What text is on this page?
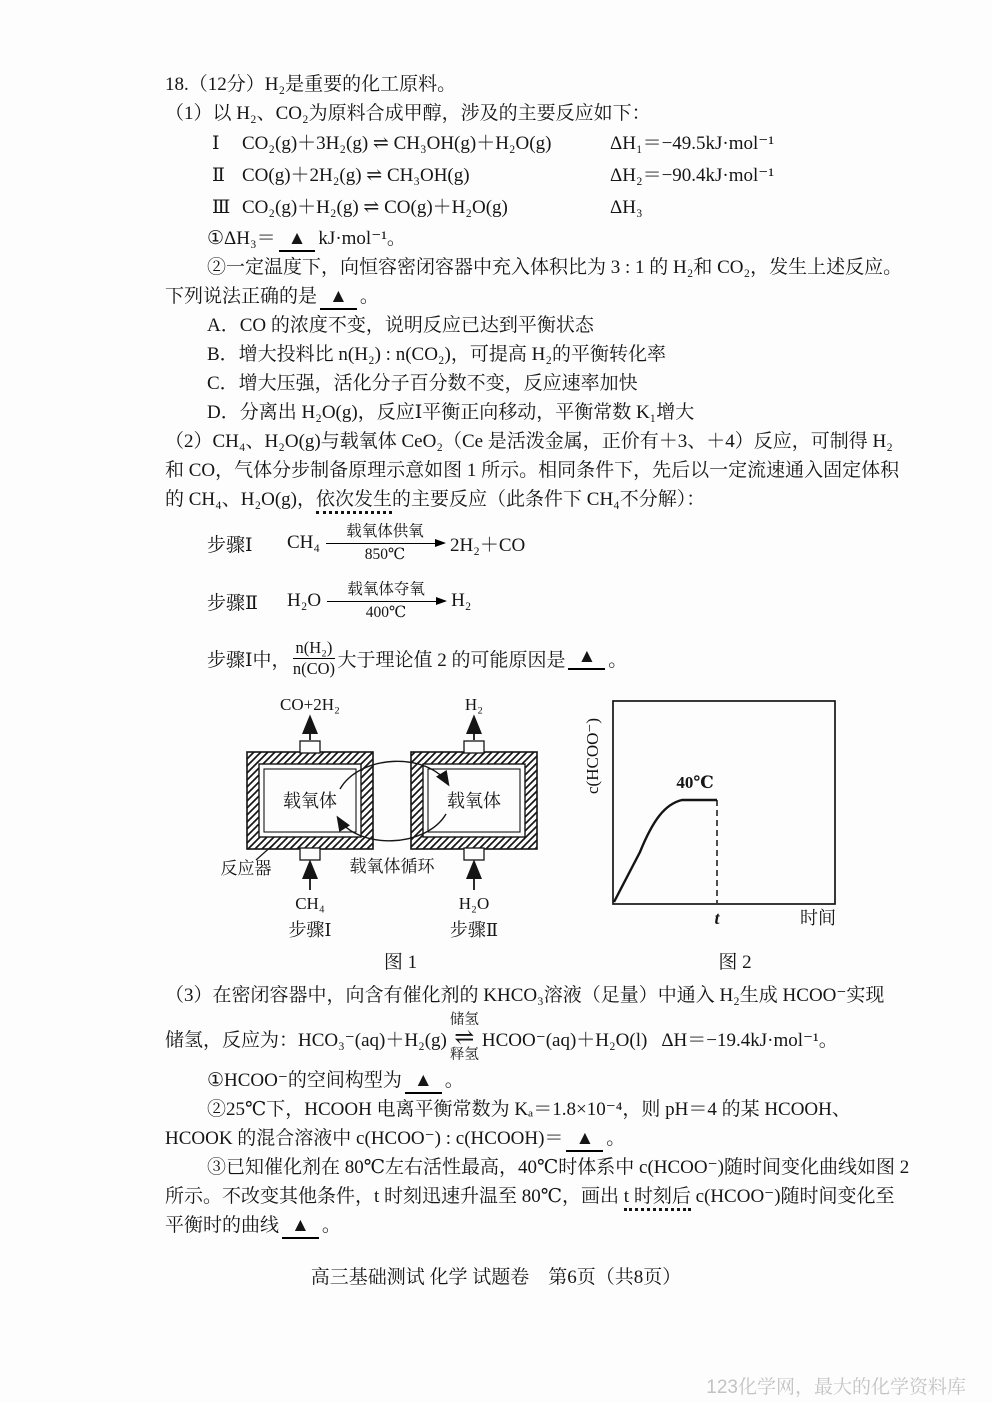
18.（12分）H₂是重要的化工原料。

（1）以 H₂、CO₂为原料合成甲醇，涉及的主要反应如下：

Ⅰ	CO₂(g)＋3H₂(g) ⇌ CH₃OH(g)＋H₂O(g)	ΔH₁＝−49.5kJ·mol⁻¹
Ⅱ CO(g)＋2H₂(g) ⇌ CH₃OH(g)	ΔH₂＝−90.4kJ·mol⁻¹
Ⅲ CO₂(g)＋H₂(g) ⇌ CO(g)＋H₂O(g)	ΔH₃

①ΔH₃＝ ▲ kJ·mol⁻¹。

②一定温度下，向恒容密闭容器中充入体积比为 3 : 1 的 H₂和 CO₂，发生上述反应。

下列说法正确的是 ▲ 。

A．CO 的浓度不变，说明反应已达到平衡状态

B．增大投料比 n(H₂) : n(CO₂)，可提高 H₂的平衡转化率

C．增大压强，活化分子百分数不变，反应速率加快

D．分离出 H₂O(g)，反应Ⅰ平衡正向移动，平衡常数 K₁增大

（2）CH₄、H₂O(g)与载氧体 CeO₂（Ce 是活泼金属，正价有＋3、＋4）反应，可制得 H₂

和 CO，气体分步制备原理示意如图 1 所示。相同条件下，先后以一定流速通入固定体积

的 CH₄、H₂O(g)，依次发生的主要反应（此条件下 CH₄不分解）：

步骤Ⅰ	CH₄
载氧体供氧
850℃ 2H₂＋CO
步骤Ⅱ	H₂O
载氧体夺氧
400℃
H₂
步骤Ⅰ中， $\frac{\text{n(H₂)}}{n(CO)}$ 大于理论值 2 的可能原因是 ▲ 。
载氧体
CO+2H₂
CH₄
步骤Ⅰ
载氧体
H₂
H₂O
步骤Ⅱ
载氧体循环
反应器
c(HCOO⁻)	40℃
t	时间
图 1	图 2

（3）在密闭容器中，向含有催化剂的 KHCO₃溶液（足量）中通入 H₂生成 HCOO⁻实现

储氢，反应为：HCO₃⁻(aq)＋H₂(g)
储氢
⇌
释氢
HCOO⁻(aq)＋H₂O(l) ΔH＝−19.4kJ·mol⁻¹。

①HCOO⁻的空间构型为 ▲ 。

②25℃下，HCOOH 电离平衡常数为 Kₐ＝1.8×10⁻⁴，则 pH＝4 的某 HCOOH、

HCOOK 的混合溶液中 c(HCOO⁻) : c(HCOOH)＝ ▲ 。

③已知催化剂在 80℃左右活性最高，40℃时体系中 c(HCOO⁻)随时间变化曲线如图 2

所示。不改变其他条件，t 时刻迅速升温至 80℃，画出 t 时刻后 c(HCOO⁻)随时间变化至

平衡时的曲线 ▲ 。

高三基础测试 化学 试题卷　第6页（共8页）
123化学网，最大的化学资料库
